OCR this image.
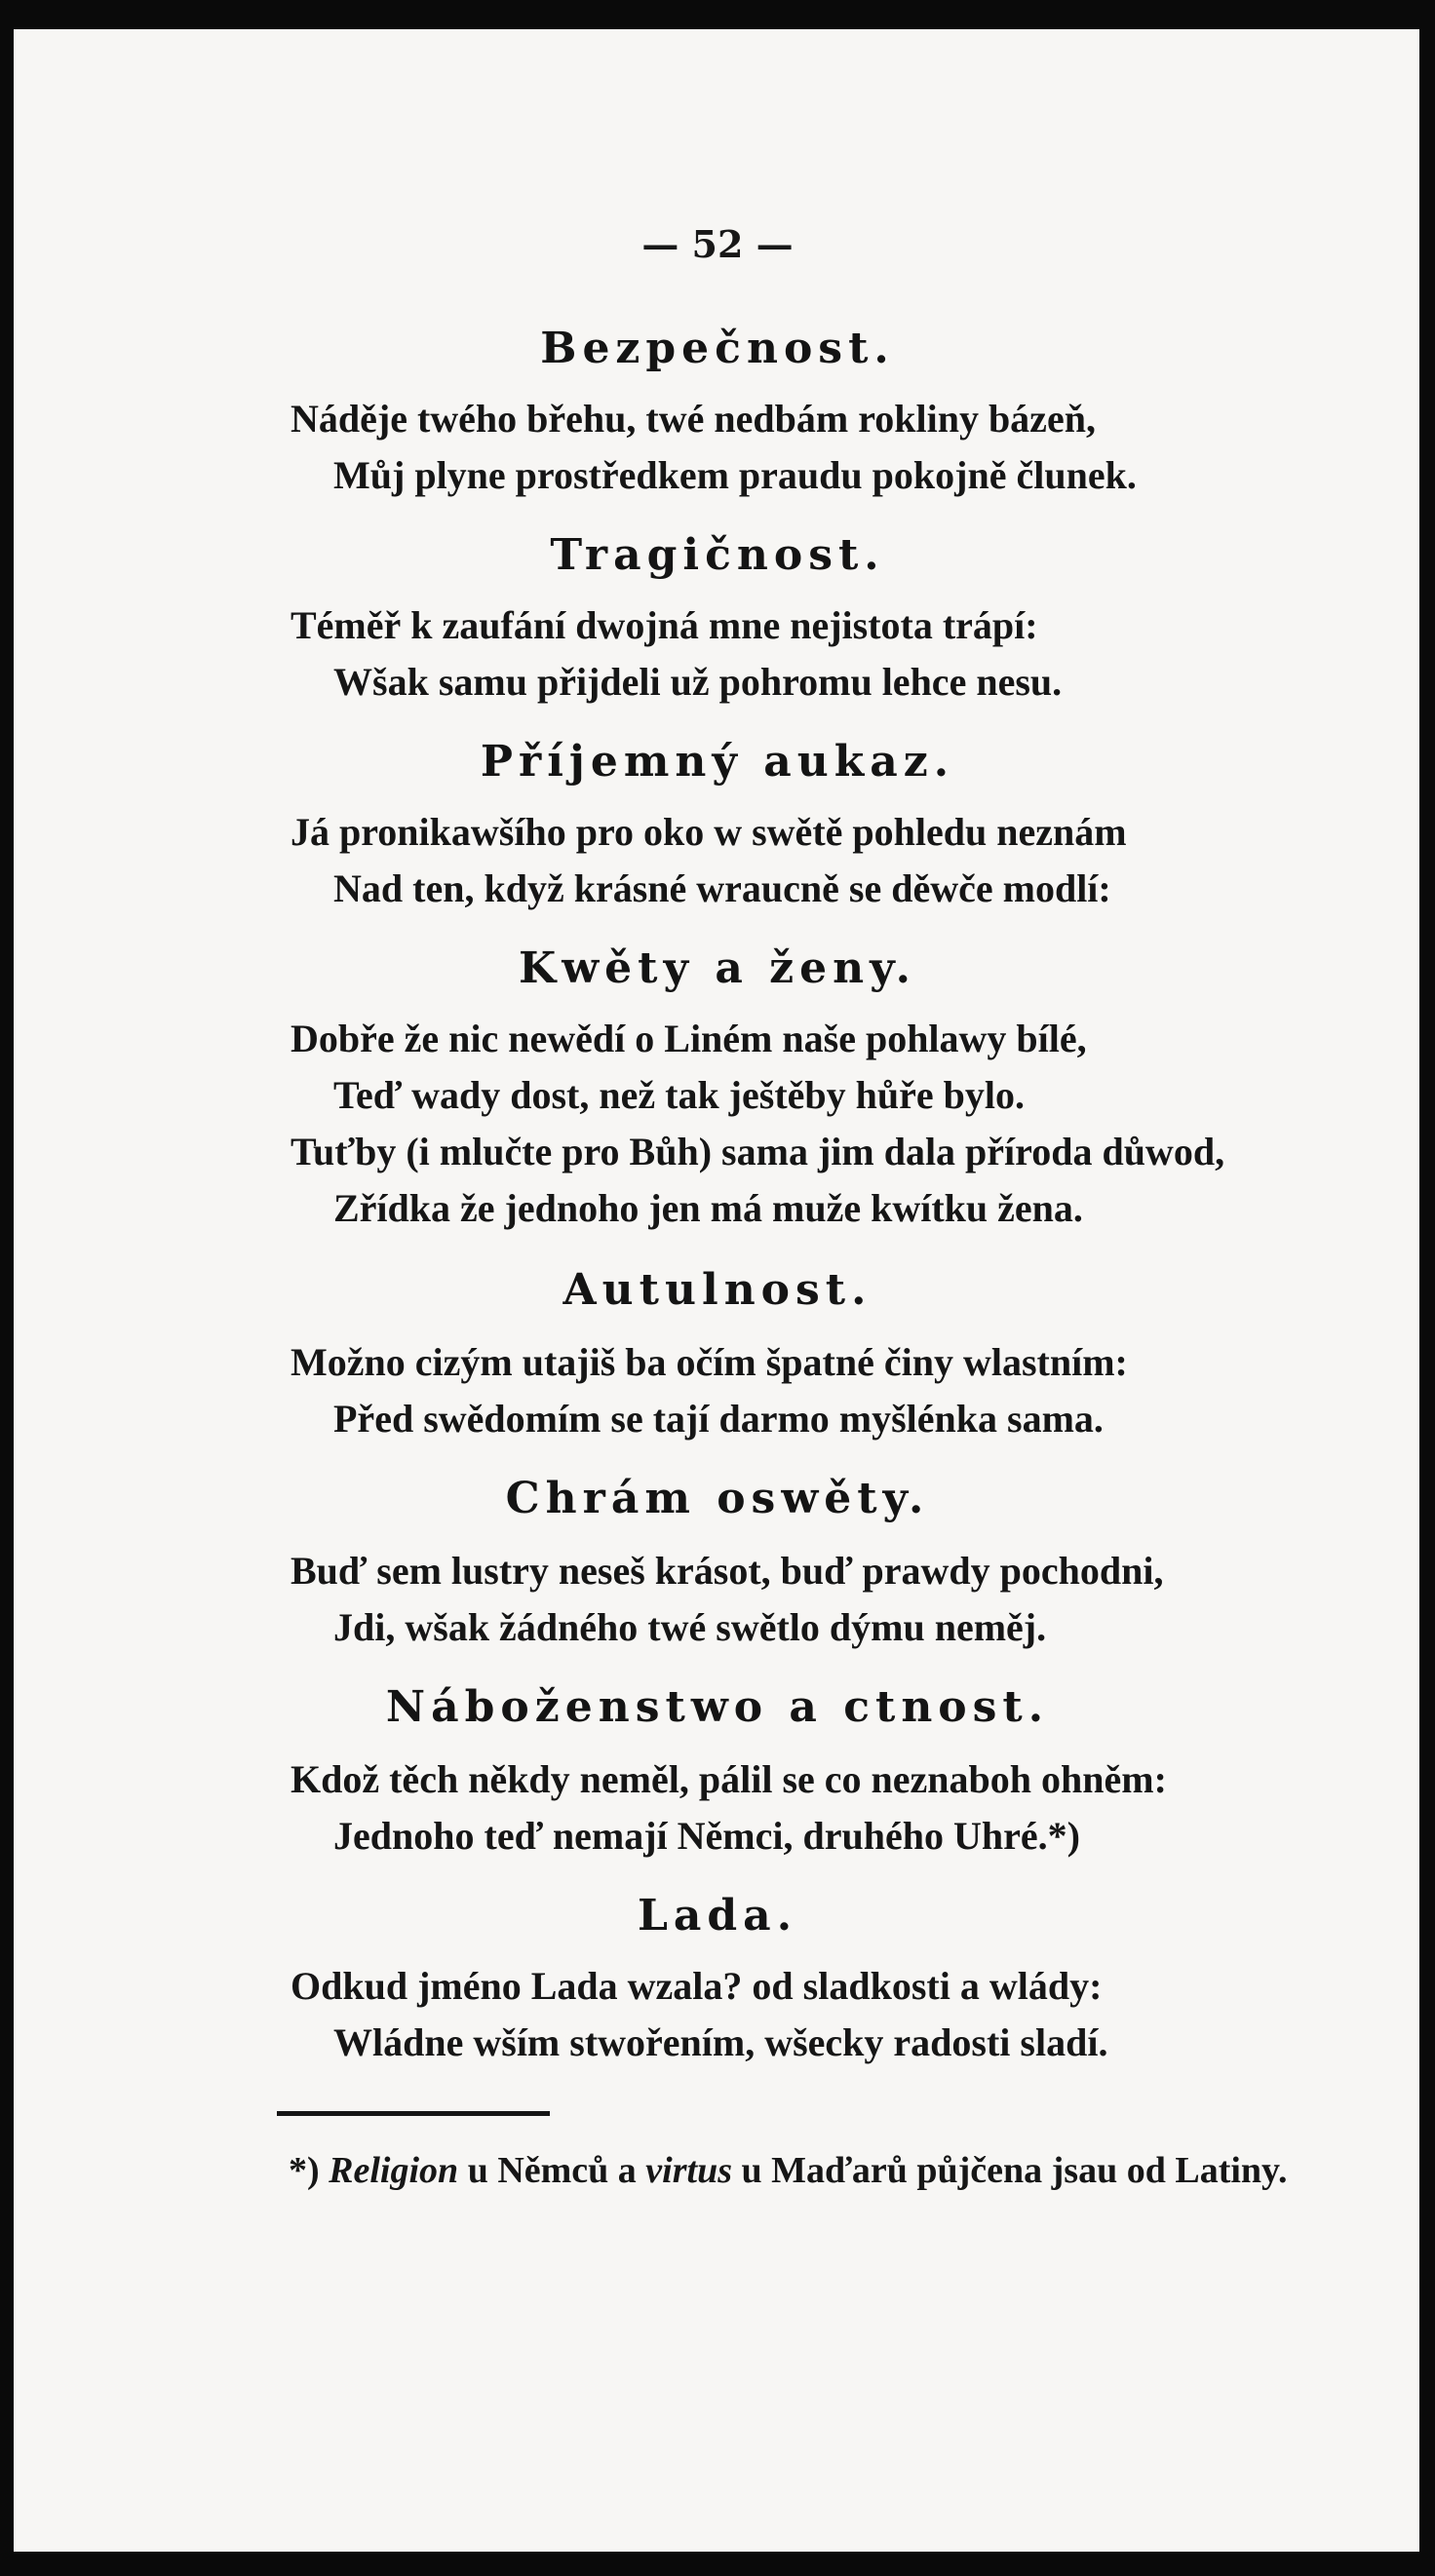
— 52 —
Bezpečnost.
Náděje twého břehu, twé nedbám rokliny bázeň,
Můj plyne prostředkem praudu pokojně člunek.
Tragičnost.
Téměř k zaufání dwojná mne nejistota trápí:
Wšak samu přijdeli už pohromu lehce nesu.
Příjemný aukaz.
Já pronikawšího pro oko w swětě pohledu neznám
Nad ten, když krásné wraucně se děwče modlí:
Kwěty a ženy.
Dobře že nic newědí o Liném naše pohlawy bílé,
Teď wady dost, než tak ještěby hůře bylo.
Tuťby (i mlučte pro Bůh) sama jim dala příroda důwod,
Zřídka že jednoho jen má muže kwítku žena.
Autulnost.
Možno cizým utajiš ba očím špatné činy wlastním:
Před swědomím se tají darmo myšlénka sama.
Chrám oswěty.
Buď sem lustry neseš krásot, buď prawdy pochodni,
Jdi, wšak žádného twé swětlo dýmu neměj.
Náboženstwo a ctnost.
Kdož těch někdy neměl, pálil se co neznaboh ohněm:
Jednoho teď nemají Němci, druhého Uhré.*)
Lada.
Odkud jméno Lada wzala? od sladkosti a wlády:
Wládne wším stwořením, wšecky radosti sladí.
*) Religion u Němců a virtus u Maďarů půjčena jsau od Latiny.
